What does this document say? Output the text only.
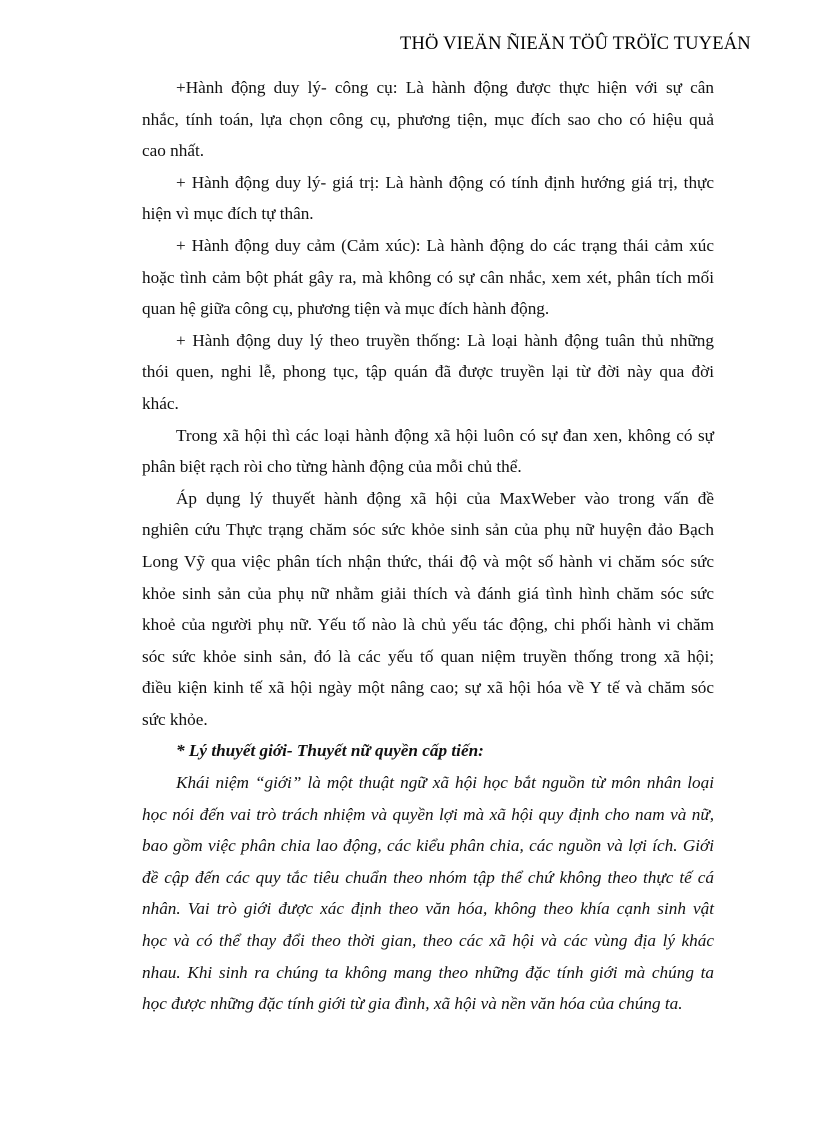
THÖ VIEÄN ÑIEÄN TÖÛ TRÖÏC TUYEÁN
+Hành động duy lý- công cụ: Là hành động được thực hiện với sự cân
nhắc, tính toán, lựa chọn công cụ, phương tiện, mục đích sao cho có hiệu quả
cao nhất.
+ Hành động duy lý- giá trị: Là hành động có tính định hướng giá trị, thực
hiện vì mục đích tự thân.
+ Hành động duy cảm (Cảm xúc): Là hành động do các trạng thái cảm xúc
hoặc tình cảm bột phát gây ra, mà không có sự cân nhắc, xem xét, phân tích mối
quan hệ giữa công cụ, phương tiện và mục đích hành động.
+ Hành động duy lý theo truyền thống: Là loại hành động tuân thủ những
thói quen, nghi lễ, phong tục, tập quán đã được truyền lại từ đời này qua đời
khác.
Trong xã hội thì các loại hành động xã hội luôn có sự đan xen, không có sự
phân biệt rạch ròi cho từng hành động của mỗi chủ thể.
Áp dụng lý thuyết hành động xã hội của MaxWeber vào trong vấn đề
nghiên cứu Thực trạng chăm sóc sức khỏe sinh sản của phụ nữ huyện đảo Bạch
Long Vỹ qua việc phân tích nhận thức, thái độ và một số hành vi chăm sóc sức
khỏe sinh sản của phụ nữ nhằm giải thích và đánh giá tình hình chăm sóc sức
khoẻ của người phụ nữ. Yếu tố nào là chủ yếu tác động, chi phối hành vi chăm
sóc sức khỏe sinh sản, đó là các yếu tố quan niệm truyền thống trong xã hội;
điều kiện kinh tế xã hội ngày một nâng cao; sự xã hội hóa về Y tế và chăm sóc
sức khỏe.
* Lý thuyết giới- Thuyết nữ quyền cấp tiến:
Khái niệm “giới” là một thuật ngữ xã hội học bắt nguồn từ môn nhân loại
học nói đến vai trò trách nhiệm và quyền lợi mà xã hội quy định cho nam và nữ,
bao gồm việc phân chia lao động, các kiểu phân chia, các nguồn và lợi ích. Giới
đề cập đến các quy tắc tiêu chuẩn theo nhóm tập thể chứ không theo thực tế cá
nhân. Vai trò giới được xác định theo văn hóa, không theo khía cạnh sinh vật
học và có thể thay đổi theo thời gian, theo các xã hội và các vùng địa lý khác
nhau. Khi sinh ra chúng ta không mang theo những đặc tính giới mà chúng ta
học được những đặc tính giới từ gia đình, xã hội và nền văn hóa của chúng ta.
